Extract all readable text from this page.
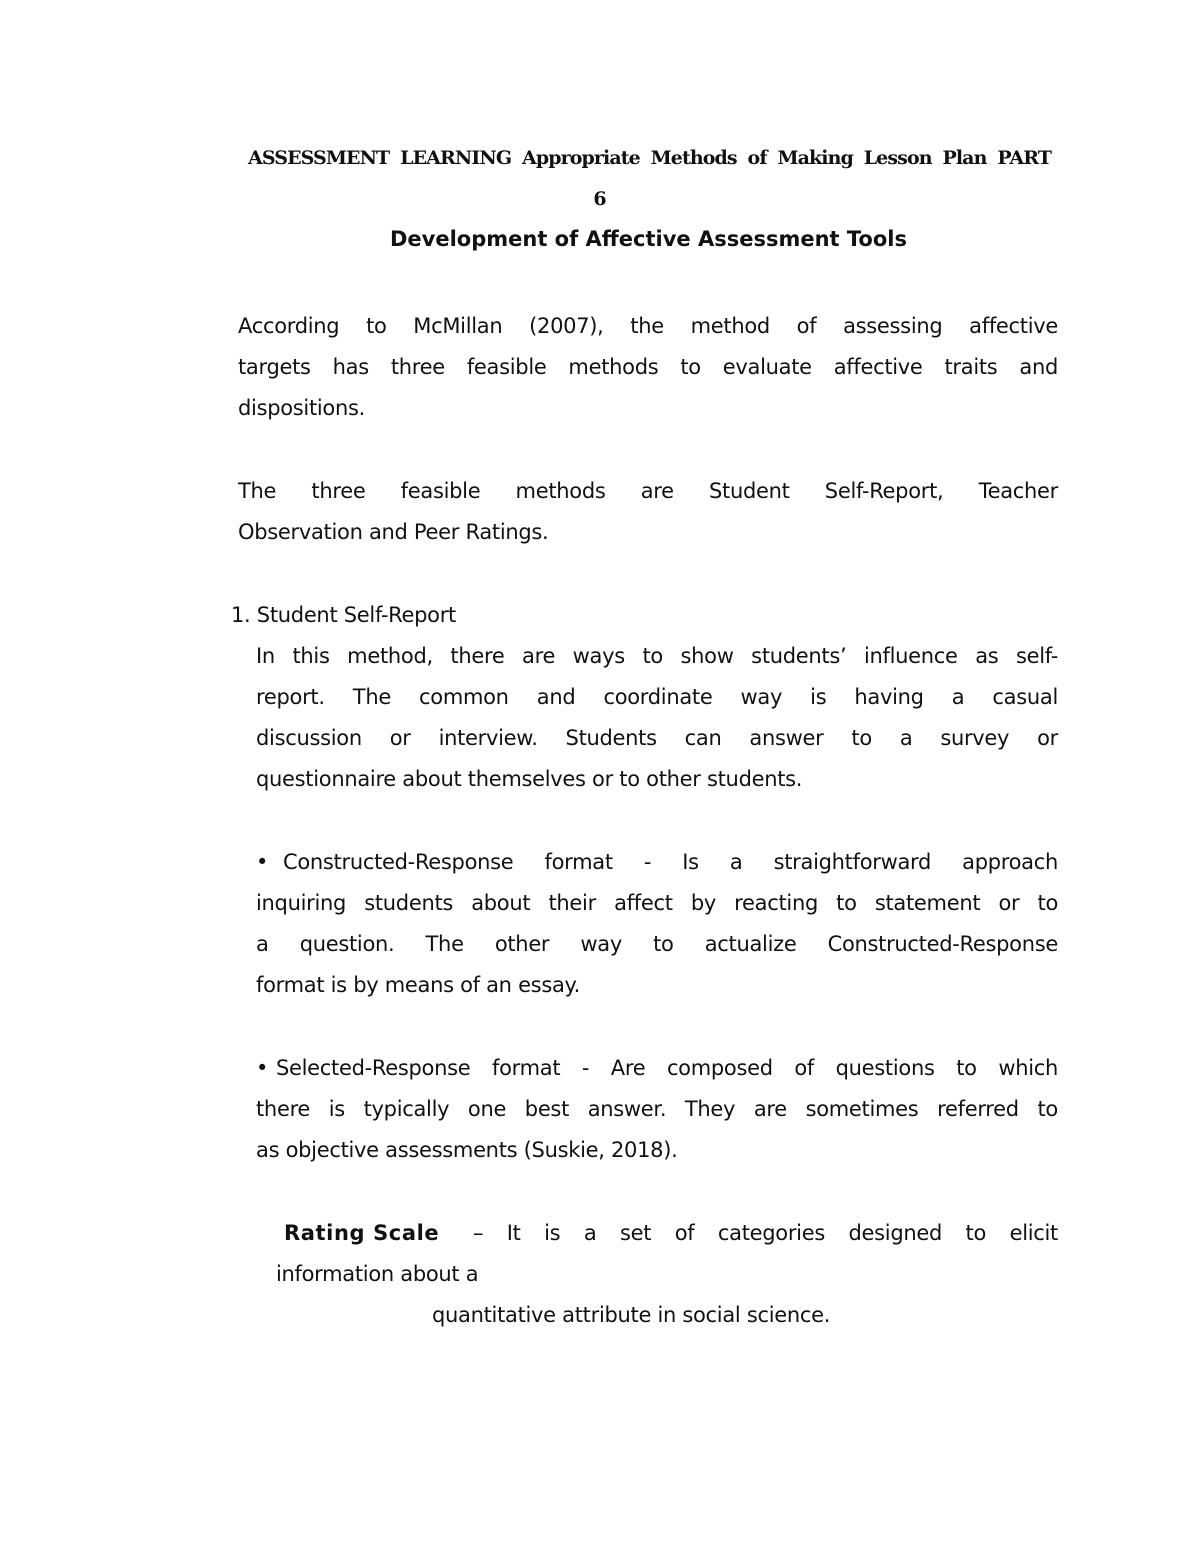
ASSESSMENT LEARNING Appropriate Methods of Making Lesson Plan PART
6
Development of Affective Assessment Tools
According to McMillan (2007), the method of assessing affective
targets has three feasible methods to evaluate affective traits and
dispositions.
The three feasible methods are Student Self-Report, Teacher
Observation and Peer Ratings.
1. Student Self-Report
In this method, there are ways to show students’ influence as self-
report. The common and coordinate way is having a casual
discussion or interview. Students can answer to a survey or
questionnaire about themselves or to other students.
• Constructed-Response format - Is a straightforward approach
inquiring students about their affect by reacting to statement or to
a question. The other way to actualize Constructed-Response
format is by means of an essay.
• Selected-Response format - Are composed of questions to which
there is typically one best answer. They are sometimes referred to
as objective assessments (Suskie, 2018).
Rating Scale – It is a set of categories designed to elicit
information about a
quantitative attribute in social science.
